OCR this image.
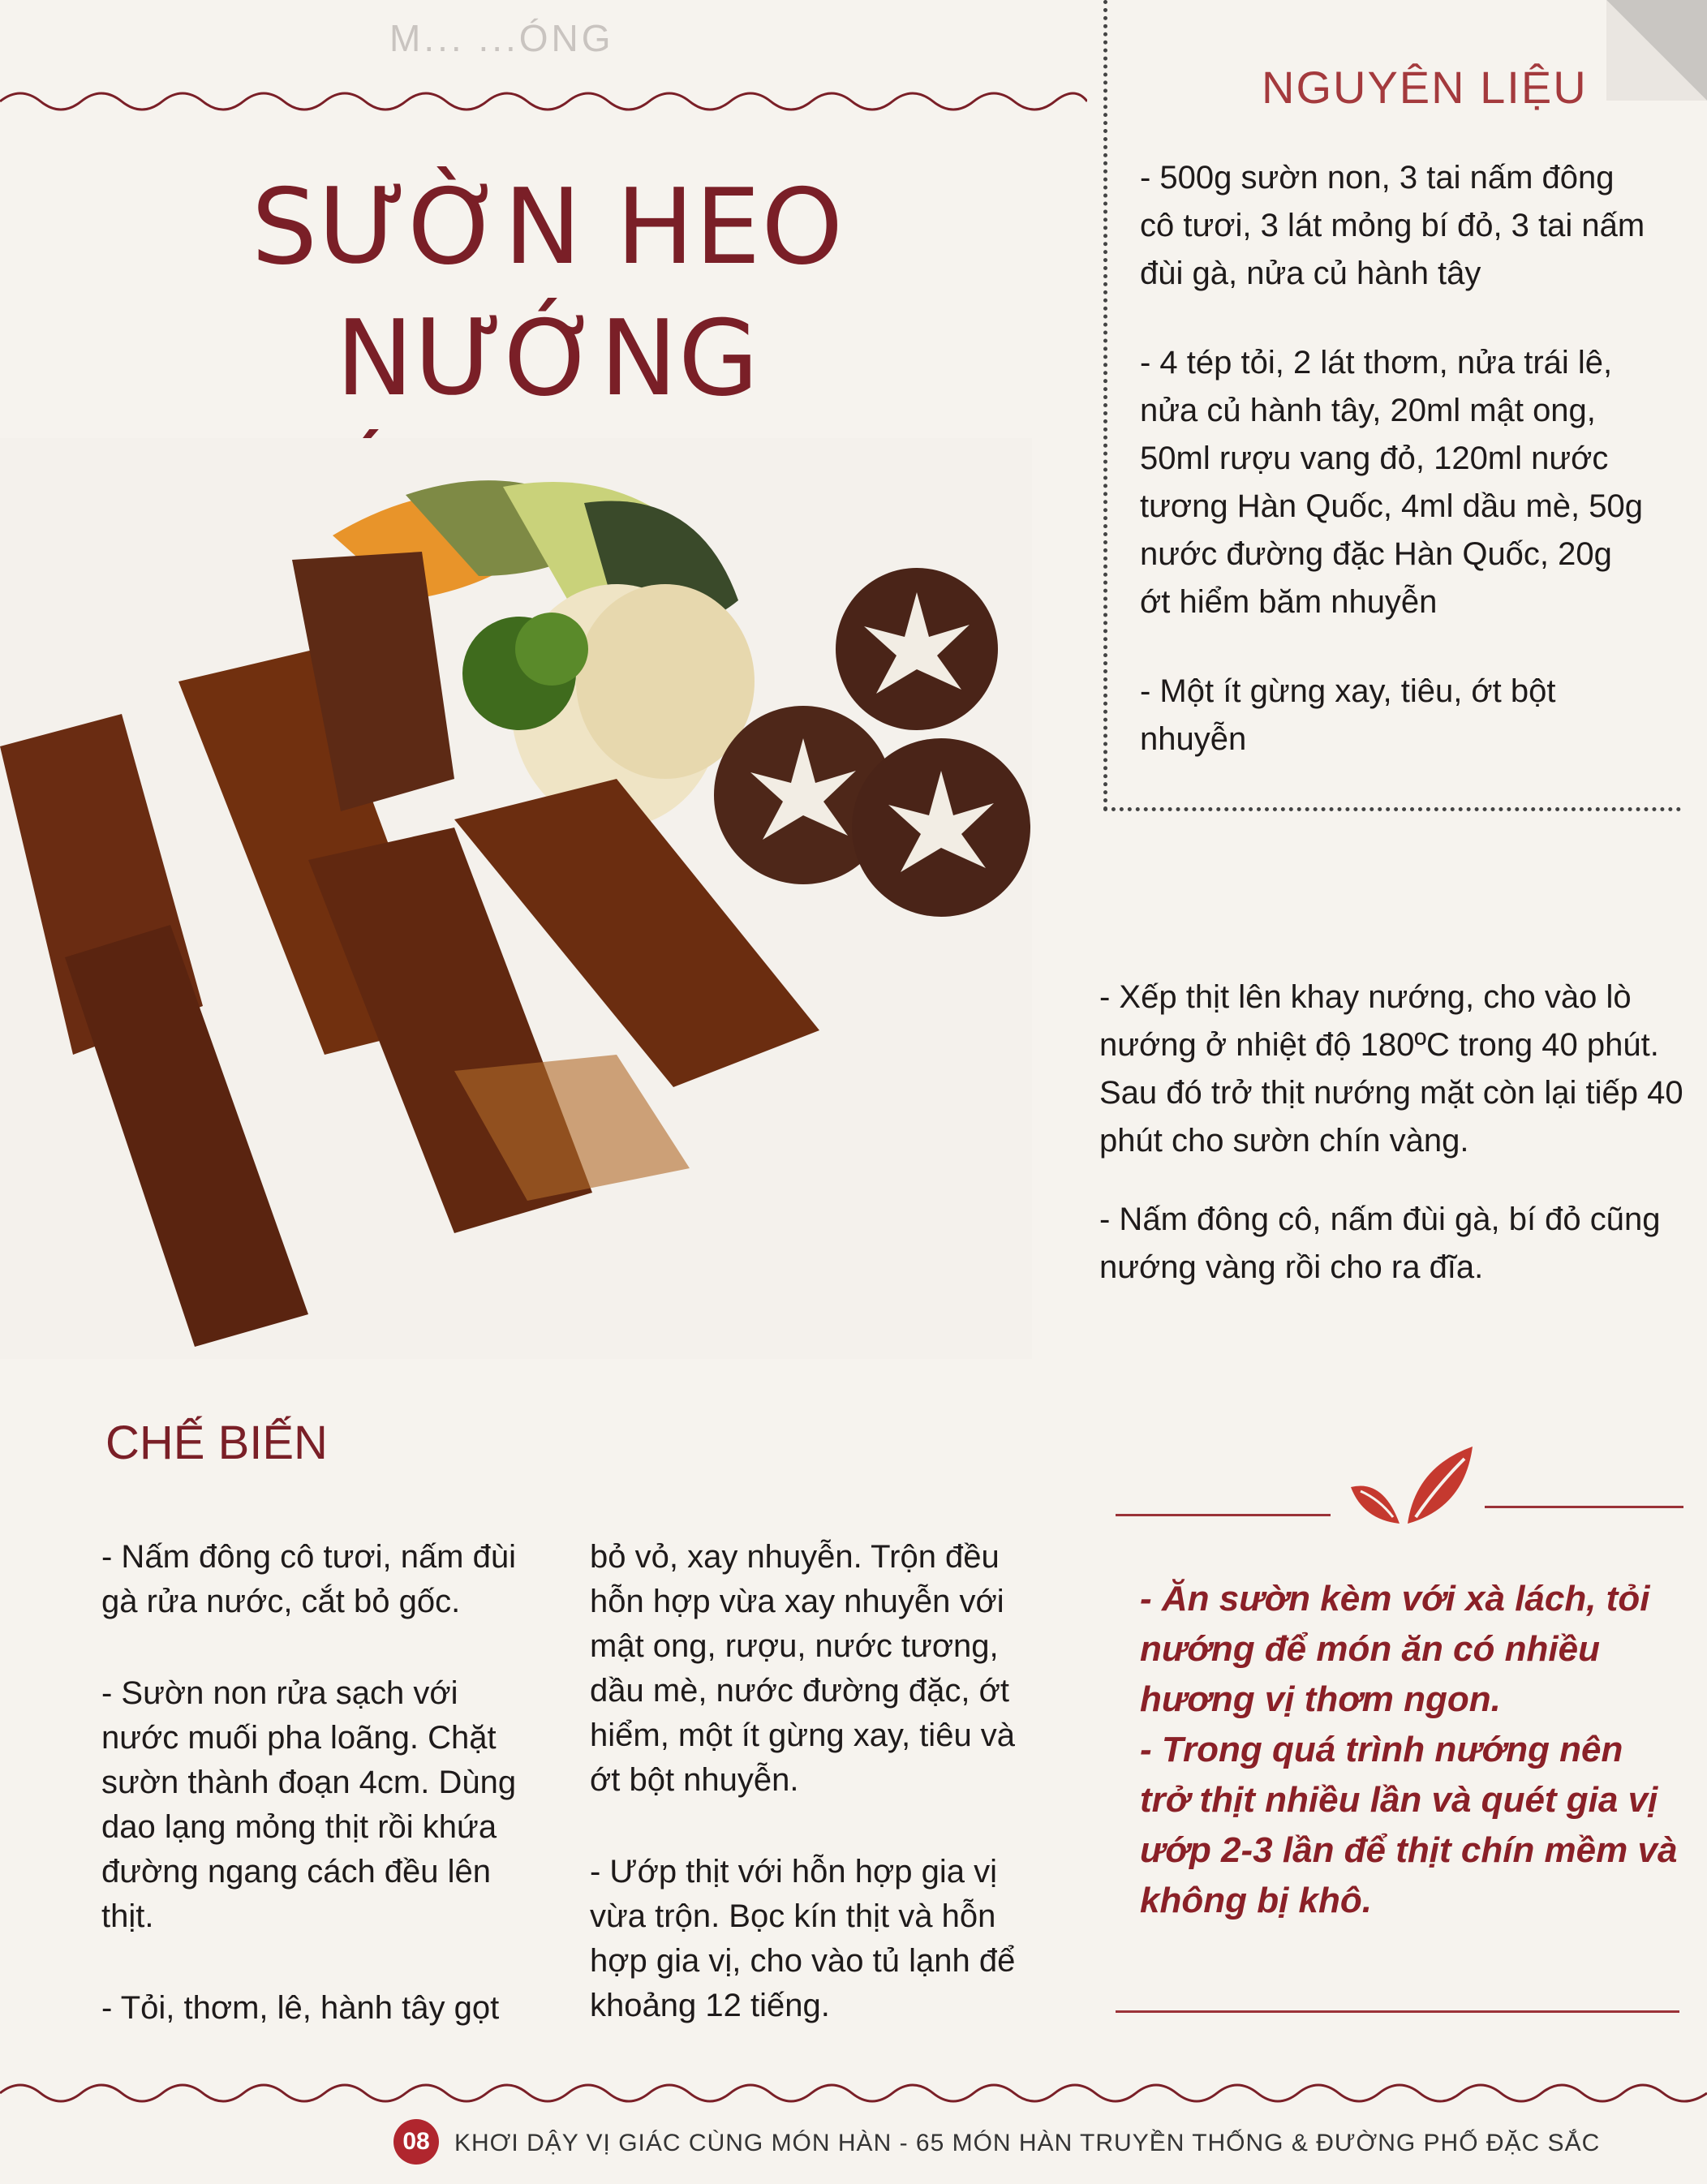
M... ...ÓNG
SƯỜN HEO NƯỚNG
NGUYÊN LIỆU
- 500g sườn non, 3 tai nấm đông cô tươi, 3 lát mỏng bí đỏ, 3 tai nấm đùi gà, nửa củ hành tây
- 4 tép tỏi, 2 lát thơm, nửa trái lê, nửa củ hành tây, 20ml mật ong, 50ml rượu vang đỏ, 120ml nước tương Hàn Quốc, 4ml dầu mè, 50g nước đường đặc Hàn Quốc, 20g ớt hiểm băm nhuyễn
- Một ít gừng xay, tiêu, ớt bột nhuyễn
- Xếp thịt lên khay nướng, cho vào lò nướng ở nhiệt độ 180ºC trong 40 phút. Sau đó trở thịt nướng mặt còn lại tiếp 40 phút cho sườn chín vàng.
- Nấm đông cô, nấm đùi gà, bí đỏ cũng nướng vàng rồi cho ra đĩa.
CHẾ BIẾN

- Nấm đông cô tươi, nấm đùi gà rửa nước, cắt bỏ gốc.

- Sườn non rửa sạch với nước muối pha loãng. Chặt sườn thành đoạn 4cm. Dùng dao lạng mỏng thịt rồi khứa đường ngang cách đều lên thịt.

- Tỏi, thơm, lê, hành tây gọt

bỏ vỏ, xay nhuyễn. Trộn đều hỗn hợp vừa xay nhuyễn với mật ong, rượu, nước tương, dầu mè, nước đường đặc, ớt hiểm, một ít gừng xay, tiêu và ớt bột nhuyễn.

- Ướp thịt với hỗn hợp gia vị vừa trộn. Bọc kín thịt và hỗn hợp gia vị, cho vào tủ lạnh để khoảng 12 tiếng.

- Ăn sườn kèm với xà lách, tỏi nướng để món ăn có nhiều hương vị thơm ngon.

- Trong quá trình nướng nên trở thịt nhiều lần và quét gia vị ướp 2-3 lần để thịt chín mềm và không bị khô.

08	KHƠI DẬY VỊ GIÁC CÙNG MÓN HÀN - 65 MÓN HÀN TRUYỀN THỐNG & ĐƯỜNG PHỐ ĐẶC SẮC
